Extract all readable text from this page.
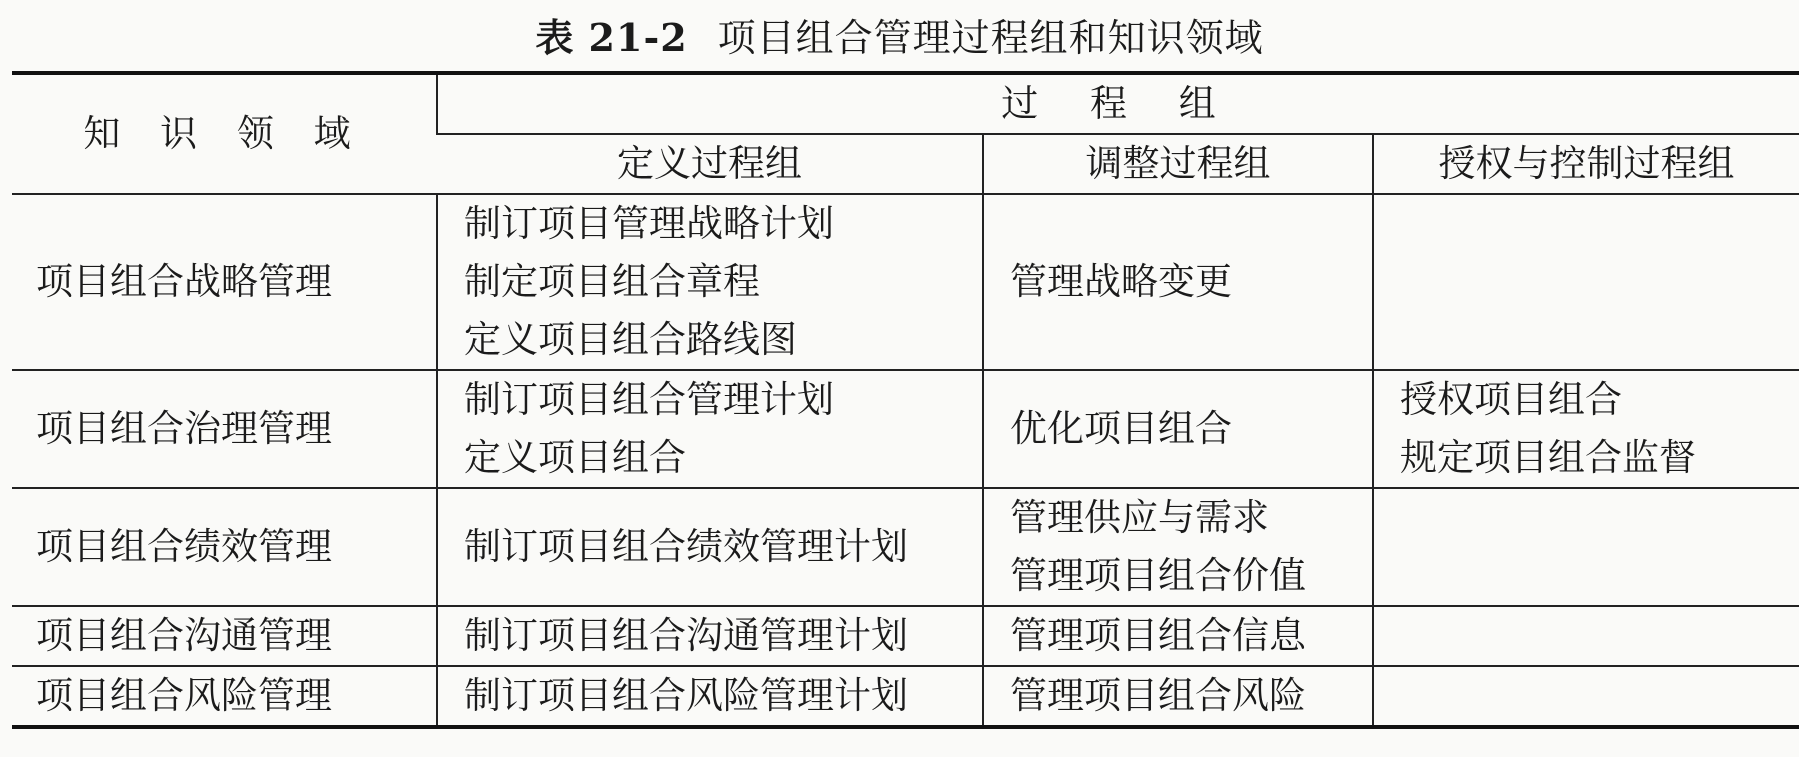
表 21-2 项目组合管理过程组和知识领域
知 识 领 域	过 程 组		
	定义过程组	调整过程组	授权与控制过程组
项目组合战略管理	制订项目管理战略计划
制定项目组合章程
定义项目组合路线图	管理战略变更	

项目组合治理管理	制订项目组合管理计划
定义项目组合	优化项目组合	授权项目组合
规定项目组合监督

项目组合绩效管理	制订项目组合绩效管理计划	管理供应与需求
管理项目组合价值	

项目组合沟通管理	制订项目组合沟通管理计划	管理项目组合信息	

项目组合风险管理	制订项目组合风险管理计划	管理项目组合风险	
